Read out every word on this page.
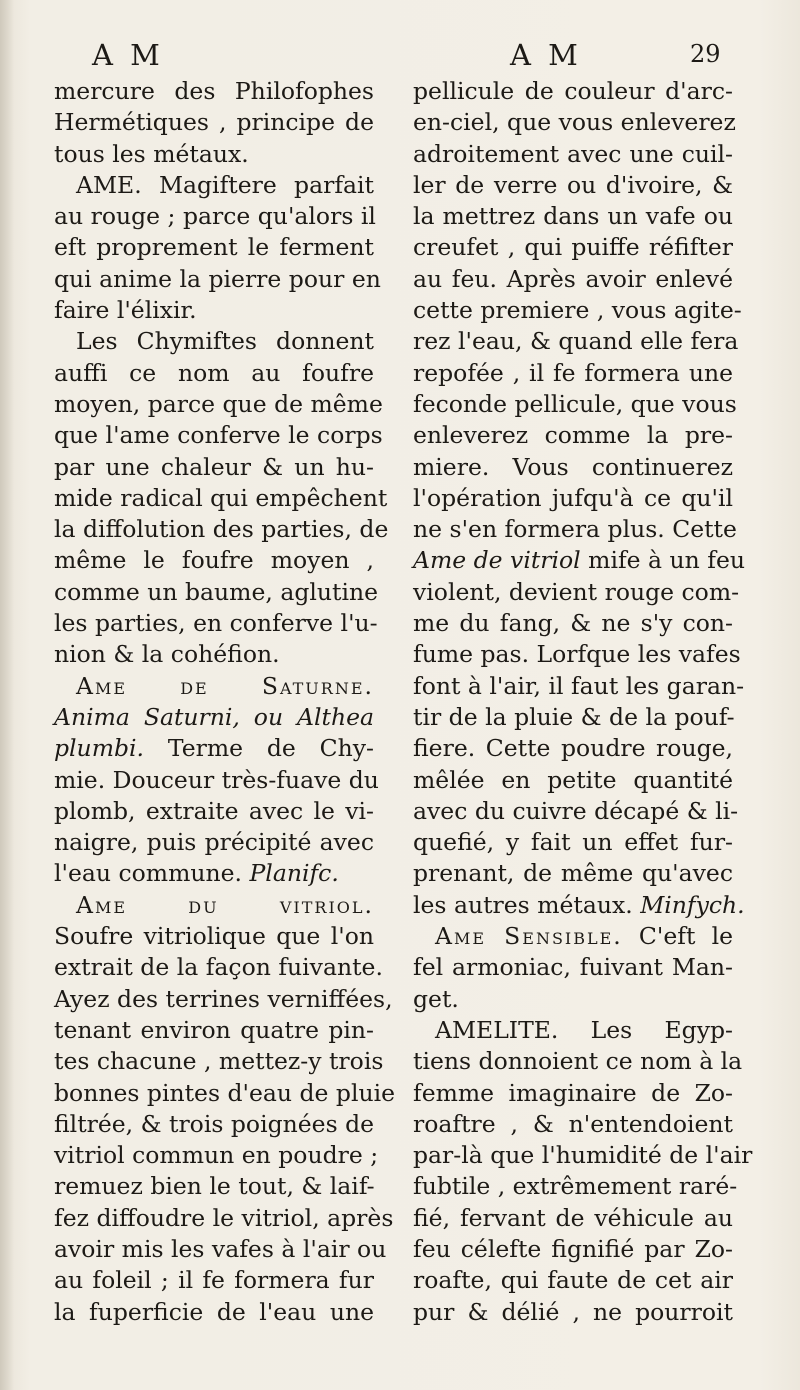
A M	A M	29
mercure des Philofophes
Hermétiques , principe de
tous les métaux.
AME. Magiftere parfait
au rouge ; parce qu'alors il
eft proprement le ferment
qui anime la pierre pour en
faire l'élixir.
Les Chymiftes donnent
auffi ce nom au foufre
moyen, parce que de même
que l'ame conferve le corps
par une chaleur & un hu-
mide radical qui empêchent
la diffolution des parties, de
même le foufre moyen ,
comme un baume, aglutine
les parties, en conferve l'u-
nion & la cohéfion.
Ame de Saturne.
Anima Saturni, ou Althea
plumbi. Terme de Chy-
mie. Douceur très-fuave du
plomb, extraite avec le vi-
naigre, puis précipité avec
l'eau commune. Planifc.
Ame du vitriol.
Soufre vitriolique que l'on
extrait de la façon fuivante.
Ayez des terrines verniffées,
tenant environ quatre pin-
tes chacune , mettez-y trois
bonnes pintes d'eau de pluie
filtrée, & trois poignées de
vitriol commun en poudre ;
remuez bien le tout, & laif-
fez diffoudre le vitriol, après
avoir mis les vafes à l'air ou
au foleil ; il fe formera fur
la fuperficie de l'eau une
pellicule de couleur d'arc-
en-ciel, que vous enleverez
adroitement avec une cuil-
ler de verre ou d'ivoire, &
la mettrez dans un vafe ou
creufet , qui puiffe réfifter
au feu. Après avoir enlevé
cette premiere , vous agite-
rez l'eau, & quand elle fera
repofée , il fe formera une
feconde pellicule, que vous
enleverez comme la pre-
miere. Vous continuerez
l'opération jufqu'à ce qu'il
ne s'en formera plus. Cette
Ame de vitriol mife à un feu
violent, devient rouge com-
me du fang, & ne s'y con-
fume pas. Lorfque les vafes
font à l'air, il faut les garan-
tir de la pluie & de la pouf-
fiere. Cette poudre rouge,
mêlée en petite quantité
avec du cuivre décapé & li-
quefié, y fait un effet fur-
prenant, de même qu'avec
les autres métaux. Minfych.
Ame Sensible. C'eft le
fel armoniac, fuivant Man-
get.
AMELITE. Les Egyp-
tiens donnoient ce nom à la
femme imaginaire de Zo-
roaftre , & n'entendoient
par-là que l'humidité de l'air
fubtile , extrêmement raré-
fié, fervant de véhicule au
feu célefte fignifié par Zo-
roafte, qui faute de cet air
pur & délié , ne pourroit
